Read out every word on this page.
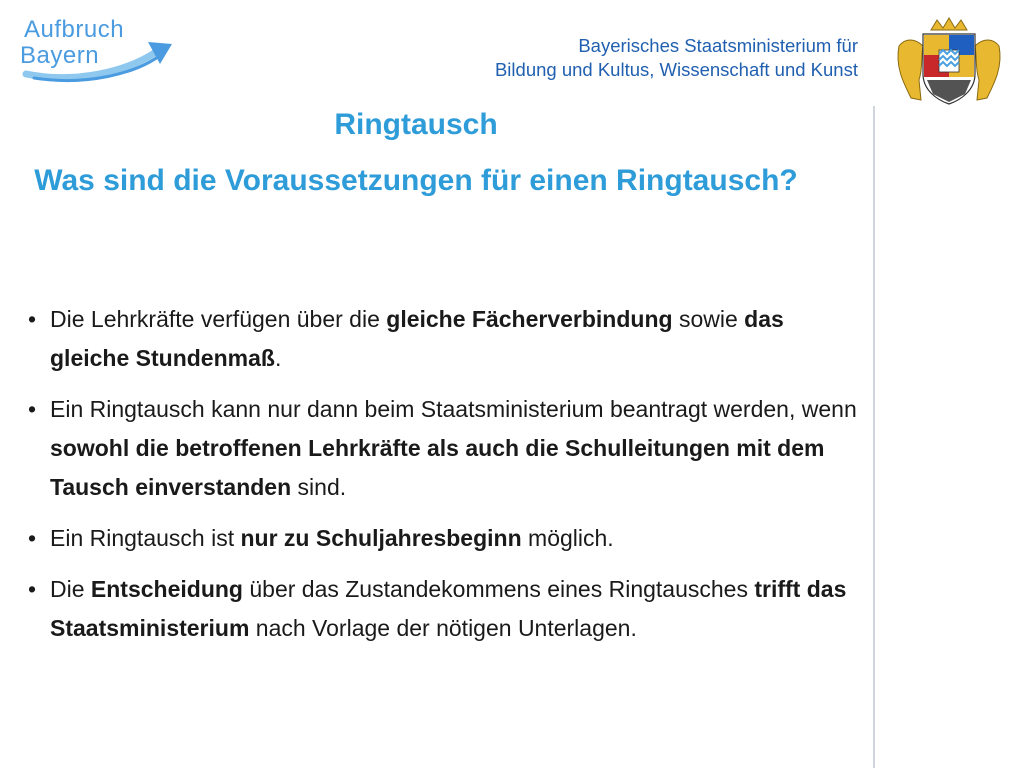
Aufbruch
Bayern	Bayerisches Staatsministerium für
Bildung und Kultus, Wissenschaft und Kunst
Ringtausch
Was sind die Voraussetzungen für einen Ringtausch?
• Die Lehrkräfte verfügen über die gleiche Fächerverbindung sowie das gleiche Stundenmaß.
• Ein Ringtausch kann nur dann beim Staatsministerium beantragt werden, wenn sowohl die betroffenen Lehrkräfte als auch die Schulleitungen mit dem Tausch einverstanden sind.
• Ein Ringtausch ist nur zu Schuljahresbeginn möglich.
• Die Entscheidung über das Zustandekommens eines Ringtausches trifft das Staatsministerium nach Vorlage der nötigen Unterlagen.
